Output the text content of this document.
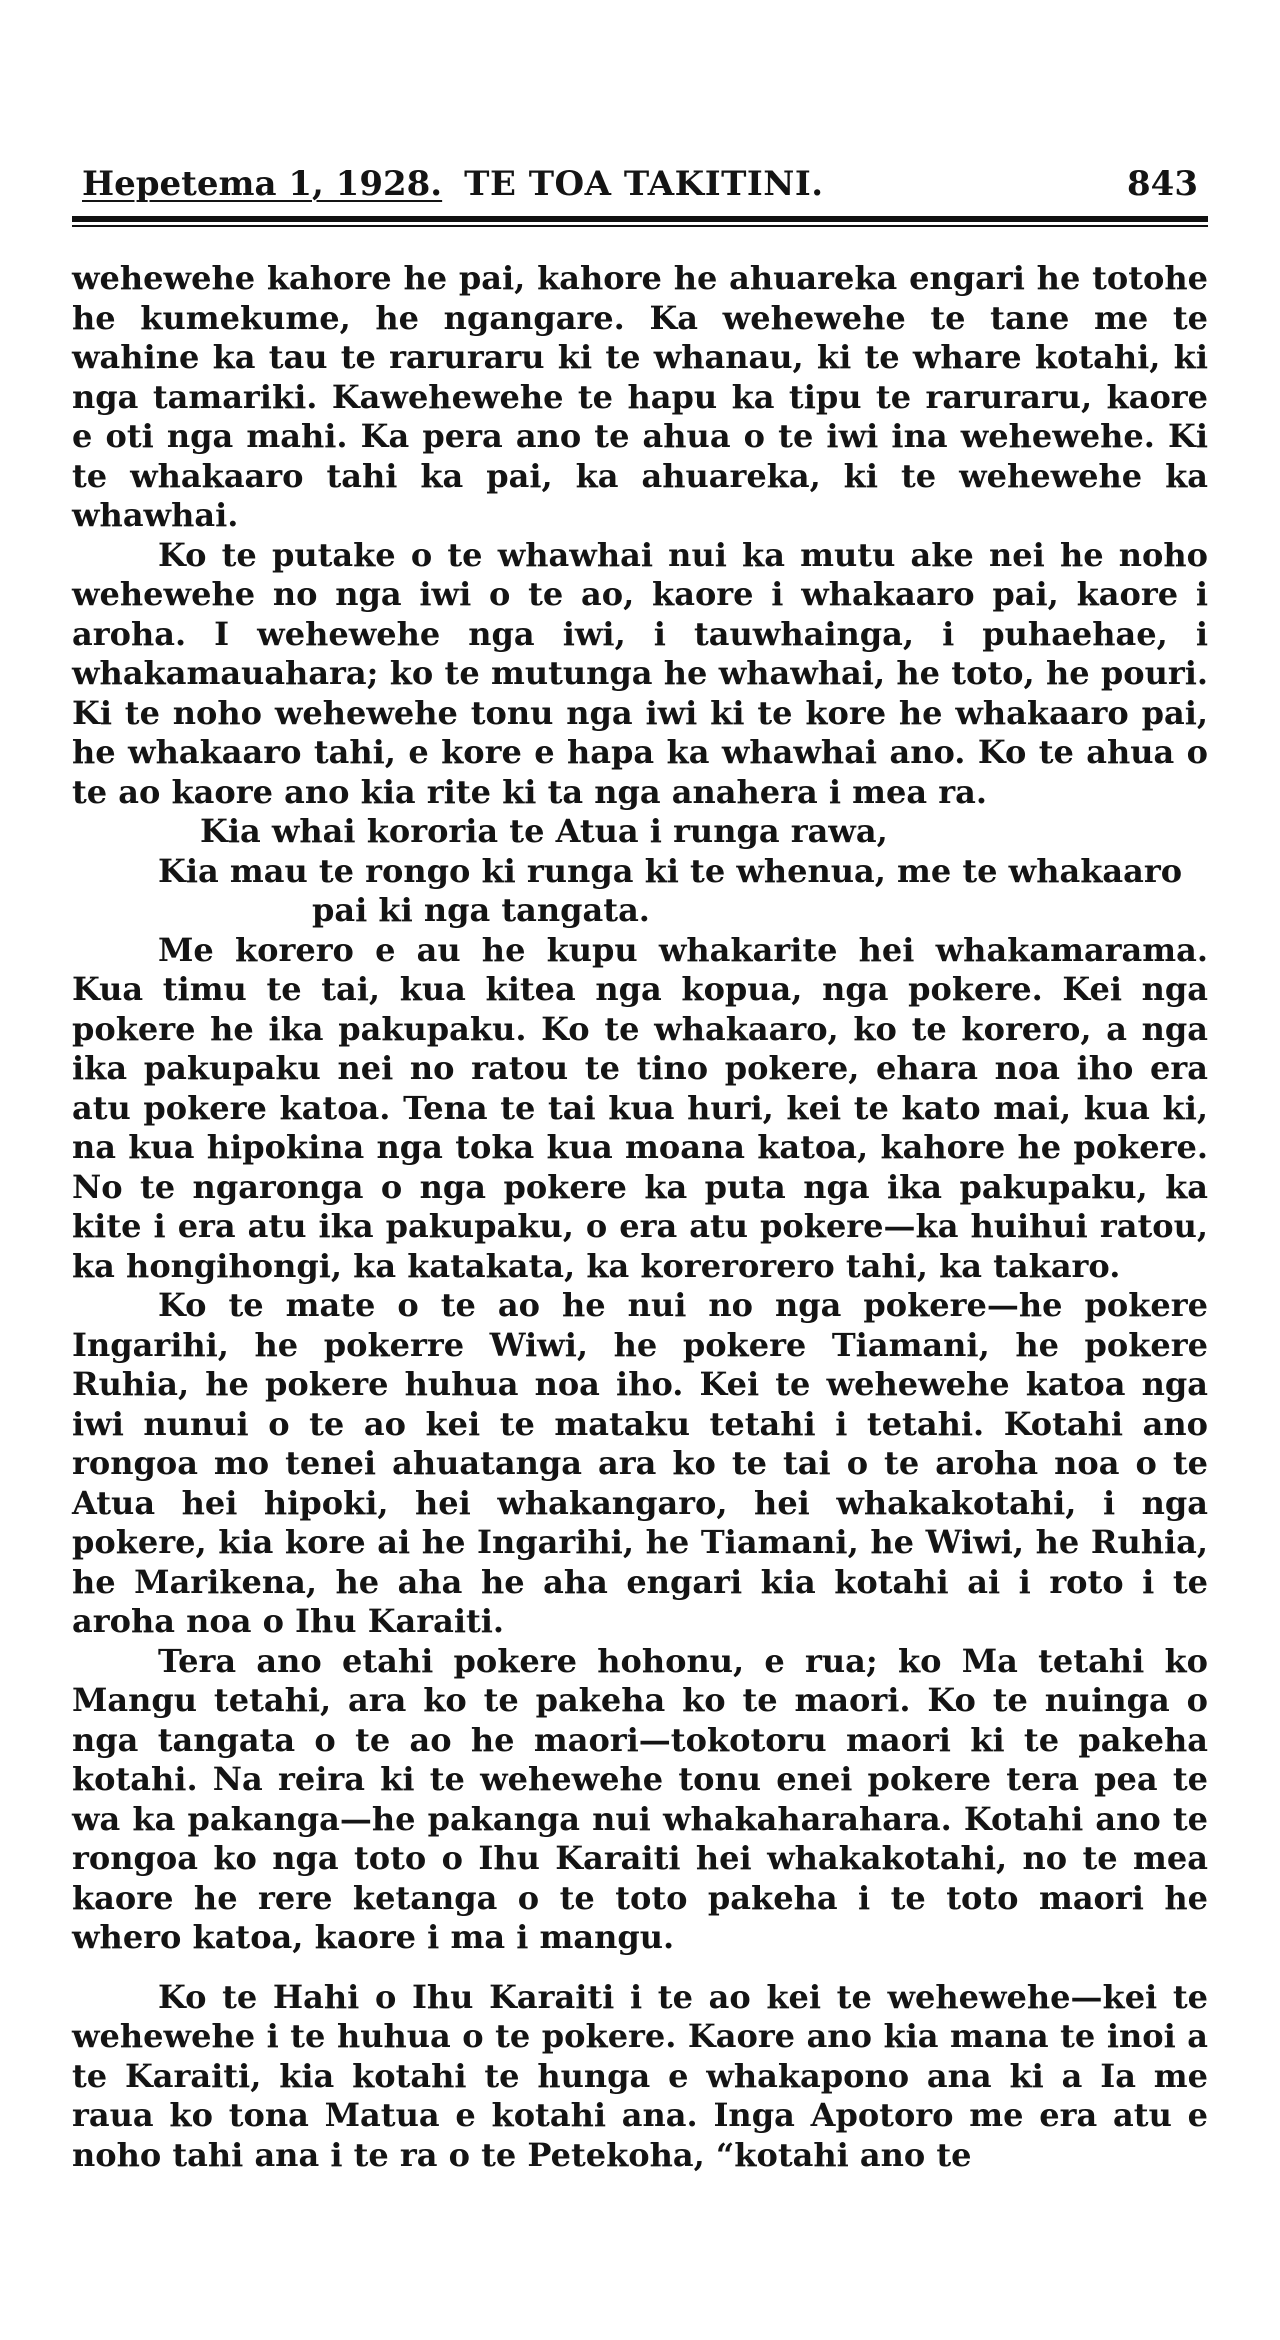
Hepetema 1, 1928. TE TOA TAKITINI.	843

wehewehe kahore he pai, kahore he ahuareka engari he totohe he kumekume, he ngangare. Ka wehewehe te tane me te wahine ka tau te raruraru ki te whanau, ki te whare kotahi, ki nga tamariki. Kawehewehe te hapu ka tipu te raruraru, kaore e oti nga mahi. Ka pera ano te ahua o te iwi ina wehewehe. Ki te whakaaro tahi ka pai, ka ahuareka, ki te wehewehe ka whawhai.

Ko te putake o te whawhai nui ka mutu ake nei he noho wehewehe no nga iwi o te ao, kaore i whakaaro pai, kaore i aroha. I wehewehe nga iwi, i tauwhainga, i puhaehae, i whakamauahara; ko te mutunga he whawhai, he toto, he pouri. Ki te noho wehewehe tonu nga iwi ki te kore he whakaaro pai, he whakaaro tahi, e kore e hapa ka whawhai ano. Ko te ahua o te ao kaore ano kia rite ki ta nga anahera i mea ra.

Kia whai kororia te Atua i runga rawa,

Kia mau te rongo ki runga ki te whenua, me te whakaaro

pai ki nga tangata.

Me korero e au he kupu whakarite hei whakamarama. Kua timu te tai, kua kitea nga kopua, nga pokere. Kei nga pokere he ika pakupaku. Ko te whakaaro, ko te korero, a nga ika pakupaku nei no ratou te tino pokere, ehara noa iho era atu pokere katoa. Tena te tai kua huri, kei te kato mai, kua ki, na kua hipokina nga toka kua moana katoa, kahore he pokere. No te ngaronga o nga pokere ka puta nga ika pakupaku, ka kite i era atu ika pakupaku, o era atu pokere—ka huihui ratou, ka hongihongi, ka katakata, ka korerorero tahi, ka takaro.

Ko te mate o te ao he nui no nga pokere—he pokere Ingarihi, he pokerre Wiwi, he pokere Tiamani, he pokere Ruhia, he pokere huhua noa iho. Kei te wehewehe katoa nga iwi nunui o te ao kei te mataku tetahi i tetahi. Kotahi ano rongoa mo tenei ahuatanga ara ko te tai o te aroha noa o te Atua hei hipoki, hei whakangaro, hei whakakotahi, i nga pokere, kia kore ai he Ingarihi, he Tiamani, he Wiwi, he Ruhia, he Marikena, he aha he aha engari kia kotahi ai i roto i te aroha noa o Ihu Karaiti.

Tera ano etahi pokere hohonu, e rua; ko Ma tetahi ko Mangu tetahi, ara ko te pakeha ko te maori. Ko te nuinga o nga tangata o te ao he maori—tokotoru maori ki te pakeha kotahi. Na reira ki te wehewehe tonu enei pokere tera pea te wa ka pakanga—he pakanga nui whakaharahara. Kotahi ano te rongoa ko nga toto o Ihu Karaiti hei whakakotahi, no te mea kaore he rere ketanga o te toto pakeha i te toto maori he whero katoa, kaore i ma i mangu.

Ko te Hahi o Ihu Karaiti i te ao kei te wehewehe—kei te wehewehe i te huhua o te pokere. Kaore ano kia mana te inoi a te Karaiti, kia kotahi te hunga e whakapono ana ki a Ia me raua ko tona Matua e kotahi ana. Inga Apotoro me era atu e noho tahi ana i te ra o te Petekoha, “kotahi ano te
